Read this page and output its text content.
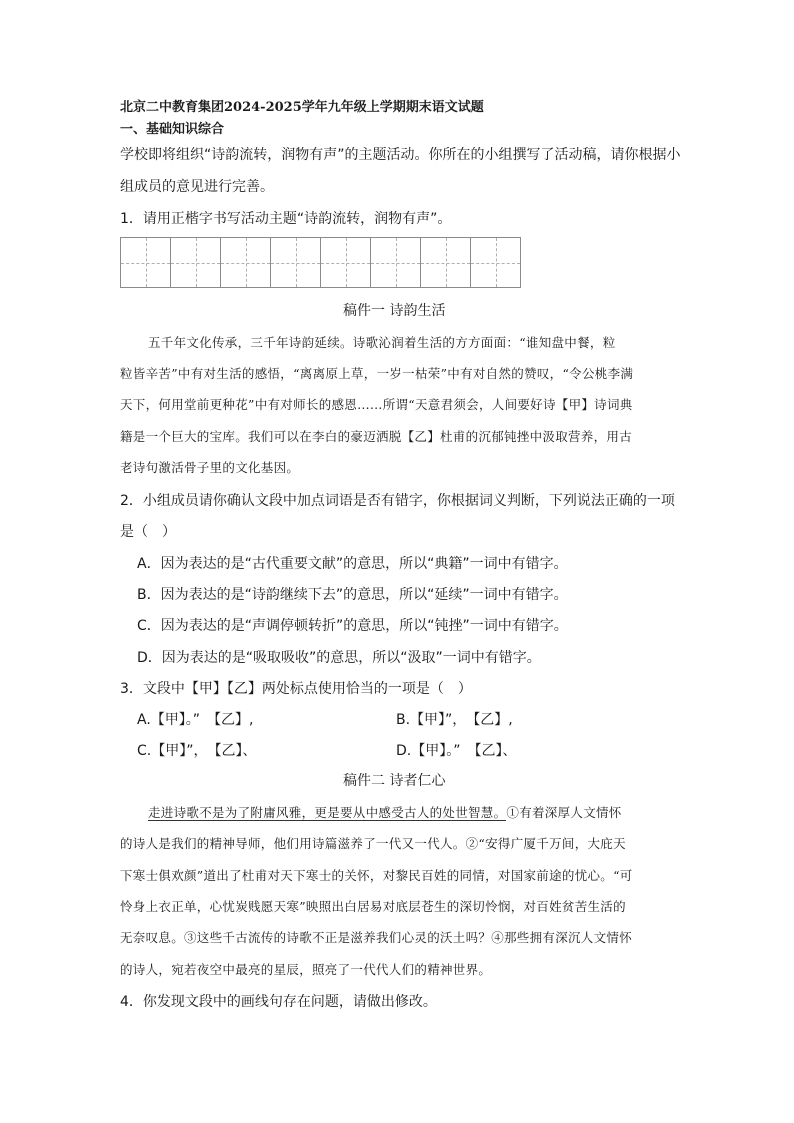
北京二中教育集团2024-2025学年九年级上学期期末语文试题
一、基础知识综合
学校即将组织“诗韵流转，润物有声”的主题活动。你所在的小组撰写了活动稿，请你根据小
组成员的意见进行完善。
1．请用正楷字书写活动主题“诗韵流转，润物有声”。
稿件一 诗韵生活
五千年文化传承，三千年诗韵延续。诗歌沁润着生活的方方面面：“谁知盘中餐，粒
粒皆辛苦”中有对生活的感悟，“离离原上草，一岁一枯荣”中有对自然的赞叹，“令公桃李满
天下，何用堂前更种花”中有对师长的感恩……所谓“天意君须会，人间要好诗【甲】诗词典
籍是一个巨大的宝库。我们可以在李白的豪迈洒脱【乙】杜甫的沉郁钝挫中汲取营养，用古
老诗句激活骨子里的文化基因。
2．小组成员请你确认文段中加点词语是否有错字，你根据词义判断，下列说法正确的一项
是（　）
A．因为表达的是“古代重要文献”的意思，所以“典籍”一词中有错字。
B．因为表达的是“诗韵继续下去”的意思，所以“延续”一词中有错字。
C．因为表达的是“声调停顿转折”的意思，所以“钝挫”一词中有错字。
D．因为表达的是“吸取吸收”的意思，所以“汲取”一词中有错字。
3．文段中【甲】【乙】两处标点使用恰当的一项是（　）
A.【甲】。”　【乙】,	B.【甲】”，　【乙】,
C.【甲】”，　【乙】、	D.【甲】。”　【乙】、
稿件二 诗者仁心
走进诗歌不是为了附庸风雅，更是要从中感受古人的处世智慧。①有着深厚人文情怀
的诗人是我们的精神导师，他们用诗篇滋养了一代又一代人。②“安得广厦千万间，大庇天
下寒士俱欢颜”道出了杜甫对天下寒士的关怀，对黎民百姓的同情，对国家前途的忧心。“可
怜身上衣正单，心忧炭贱愿天寒”映照出白居易对底层苍生的深切怜悯，对百姓贫苦生活的
无奈叹息。③这些千古流传的诗歌不正是滋养我们心灵的沃土吗？④那些拥有深沉人文情怀
的诗人，宛若夜空中最亮的星辰，照亮了一代代人们的精神世界。
4．你发现文段中的画线句存在问题，请做出修改。
